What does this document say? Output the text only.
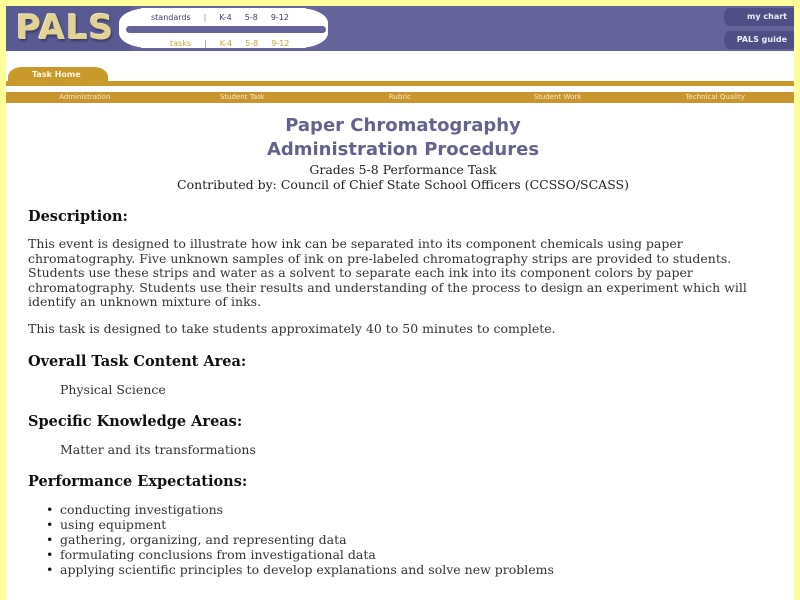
PALS	standards | K-4 5-8 9-12
tasks | K-4 5-8 9-12
my chart
PALS guide
Task Home
Administration	Student Task	Rubric	Student Work	Technical Quality
Paper Chromatography
Administration Procedures
Grades 5-8 Performance Task
Contributed by: Council of Chief State School Officers (CCSSO/SCASS)
Description:

This event is designed to illustrate how ink can be separated into its component chemicals using paper chromatography. Five unknown samples of ink on pre-labeled chromatography strips are provided to students. Students use these strips and water as a solvent to separate each ink into its component colors by paper chromatography. Students use their results and understanding of the process to design an experiment which will identify an unknown mixture of inks.

This task is designed to take students approximately 40 to 50 minutes to complete.

Overall Task Content Area:
Physical Science
Specific Knowledge Areas:
Matter and its transformations
Performance Expectations:
• conducting investigations
• using equipment
• gathering, organizing, and representing data
• formulating conclusions from investigational data
• applying scientific principles to develop explanations and solve new problems
